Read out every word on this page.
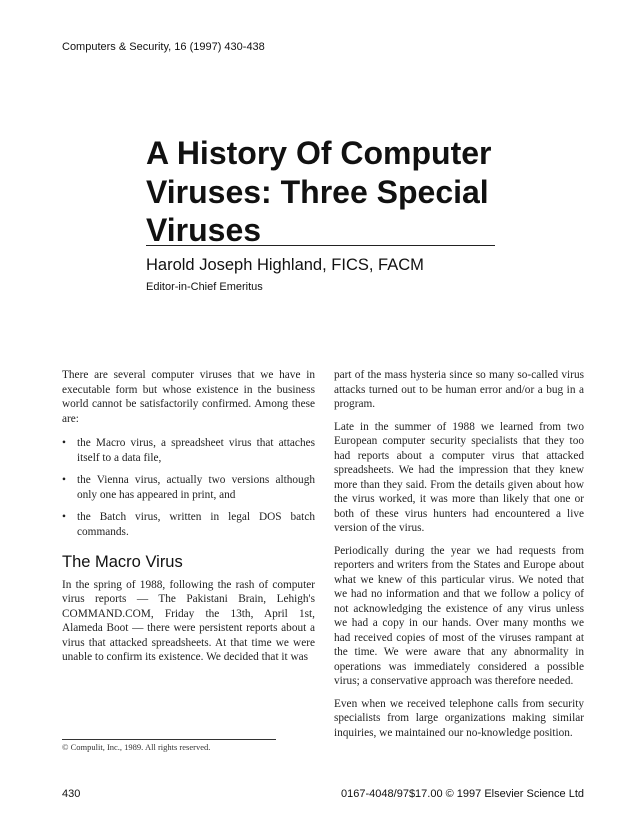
Computers & Security, 16 (1997) 430-438
A History Of Computer
Viruses: Three Special
Viruses
Harold Joseph Highland, FICS, FACM
Editor-in-Chief Emeritus

There are several computer viruses that we have in executable form but whose existence in the business world cannot be satisfactorily confirmed. Among these are:

• the Macro virus, a spreadsheet virus that attaches itself to a data file,
• the Vienna virus, actually two versions although only one has appeared in print, and
• the Batch virus, written in legal DOS batch commands.
The Macro Virus

In the spring of 1988, following the rash of computer virus reports — The Pakistani Brain, Lehigh's COMMAND.COM, Friday the 13th, April 1st, Alameda Boot — there were persistent reports about a virus that attacked spreadsheets. At that time we were unable to confirm its existence. We decided that it was

part of the mass hysteria since so many so-called virus attacks turned out to be human error and/or a bug in a program.

Late in the summer of 1988 we learned from two European computer security specialists that they too had reports about a computer virus that attacked spreadsheets. We had the impression that they knew more than they said. From the details given about how the virus worked, it was more than likely that one or both of these virus hunters had encountered a live version of the virus.

Periodically during the year we had requests from reporters and writers from the States and Europe about what we knew of this particular virus. We noted that we had no information and that we follow a policy of not acknowledging the existence of any virus unless we had a copy in our hands. Over many months we had received copies of most of the viruses rampant at the time. We were aware that any abnormality in operations was immediately considered a possible virus; a conservative approach was therefore needed.

Even when we received telephone calls from security specialists from large organizations making similar inquiries, we maintained our no-knowledge position.

© Compulit, Inc., 1989. All rights reserved.
430	0167-4048/97$17.00 © 1997 Elsevier Science Ltd
